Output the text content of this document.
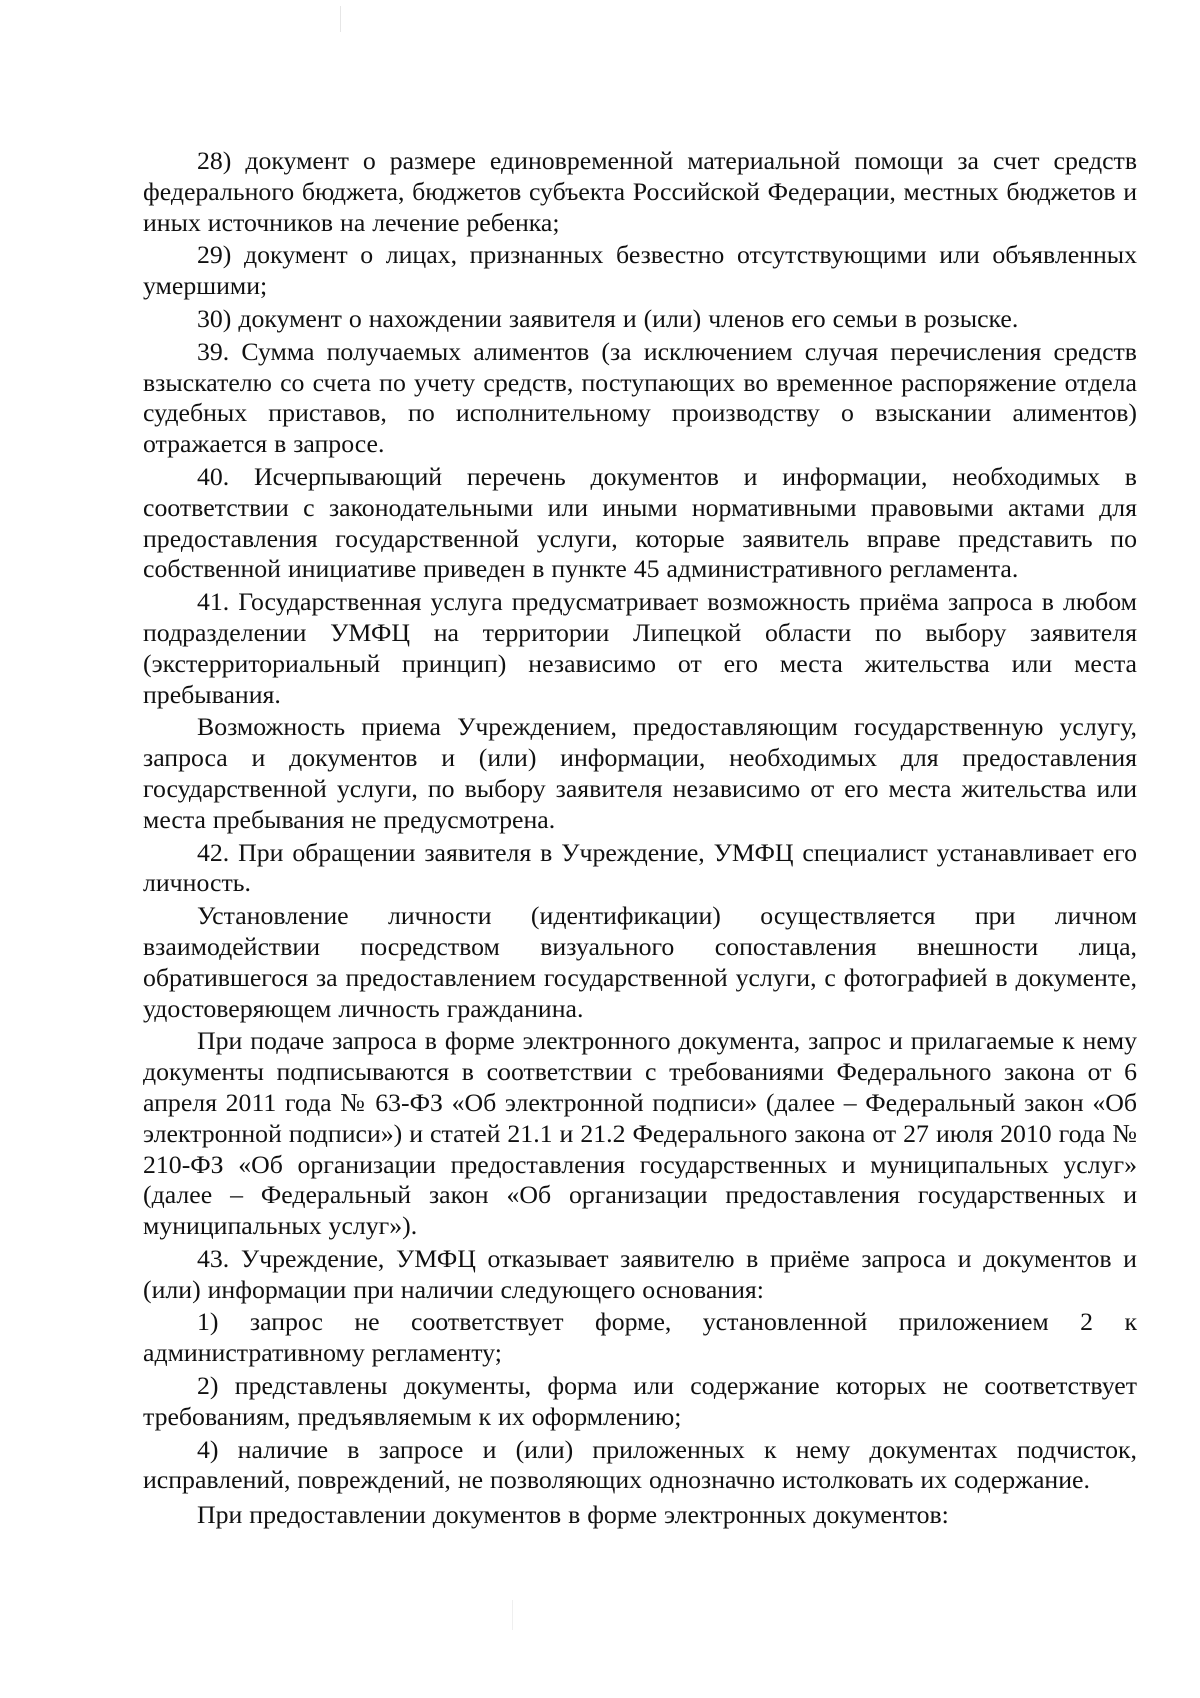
28) документ о размере единовременной материальной помощи за счет средств федерального бюджета, бюджетов субъекта Российской Федерации, местных бюджетов и иных источников на лечение ребенка;

29) документ о лицах, признанных безвестно отсутствующими или объявленных умершими;

30) документ о нахождении заявителя и (или) членов его семьи в розыске.

39. Сумма получаемых алиментов (за исключением случая перечисления средств взыскателю со счета по учету средств, поступающих во временное распоряжение отдела судебных приставов, по исполнительному производству о взыскании алиментов) отражается в запросе.

40. Исчерпывающий перечень документов и информации, необходимых в соответствии с законодательными или иными нормативными правовыми актами для предоставления государственной услуги, которые заявитель вправе представить по собственной инициативе приведен в пункте 45 административного регламента.

41. Государственная услуга предусматривает возможность приёма запроса в любом подразделении УМФЦ на территории Липецкой области по выбору заявителя (экстерриториальный принцип) независимо от его места жительства или места пребывания.

Возможность приема Учреждением, предоставляющим государственную услугу, запроса и документов и (или) информации, необходимых для предоставления государственной услуги, по выбору заявителя независимо от его места жительства или места пребывания не предусмотрена.

42. При обращении заявителя в Учреждение, УМФЦ специалист устанавливает его личность.

Установление личности (идентификации) осуществляется при личном взаимодействии посредством визуального сопоставления внешности лица, обратившегося за предоставлением государственной услуги, с фотографией в документе, удостоверяющем личность гражданина.

При подаче запроса в форме электронного документа, запрос и прилагаемые к нему документы подписываются в соответствии с требованиями Федерального закона от 6 апреля 2011 года № 63-ФЗ «Об электронной подписи» (далее – Федеральный закон «Об электронной подписи») и статей 21.1 и 21.2 Федерального закона от 27 июля 2010 года № 210-ФЗ «Об организации предоставления государственных и муниципальных услуг» (далее – Федеральный закон «Об организации предоставления государственных и муниципальных услуг»).

43. Учреждение, УМФЦ отказывает заявителю в приёме запроса и документов и (или) информации при наличии следующего основания:

1) запрос не соответствует форме, установленной приложением 2 к административному регламенту;

2) представлены документы, форма или содержание которых не соответствует требованиям, предъявляемым к их оформлению;

4) наличие в запросе и (или) приложенных к нему документах подчисток, исправлений, повреждений, не позволяющих однозначно истолковать их содержание.

При предоставлении документов в форме электронных документов:
